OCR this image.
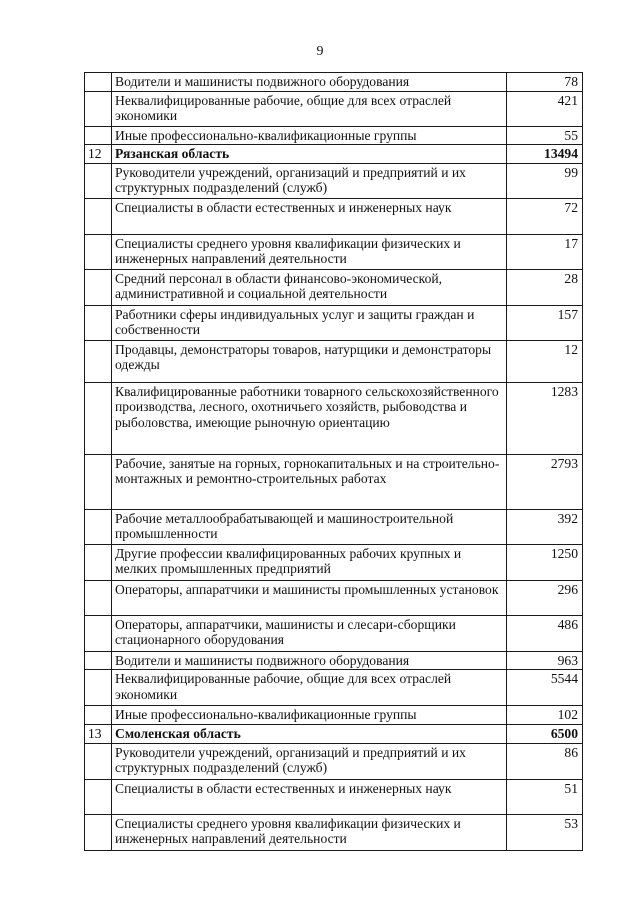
9
	Водители и машинисты подвижного оборудования	78
	Неквалифицированные рабочие, общие для всех отраслей экономики	421
	Иные профессионально-квалификационные группы	55
12	Рязанская область	13494
	Руководители учреждений, организаций и предприятий и их структурных подразделений (служб)	99
	Специалисты в области естественных и инженерных наук	72
	Специалисты среднего уровня квалификации физических и инженерных направлений деятельности	17
	Средний персонал в области финансово-экономической, административной и социальной деятельности	28
	Работники сферы индивидуальных услуг и защиты граждан и собственности	157
	Продавцы, демонстраторы товаров, натурщики и демонстраторы одежды	12
	Квалифицированные работники товарного сельскохозяйственного производства, лесного, охотничьего хозяйств, рыбоводства и рыболовства, имеющие рыночную ориентацию	1283
	Рабочие, занятые на горных, горнокапитальных и на строительно-монтажных и ремонтно-строительных работах	2793
	Рабочие металлообрабатывающей и машиностроительной промышленности	392
	Другие профессии квалифицированных рабочих крупных и мелких промышленных предприятий	1250
	Операторы, аппаратчики и машинисты промышленных установок	296
	Операторы, аппаратчики, машинисты и слесари-сборщики стационарного оборудования	486
	Водители и машинисты подвижного оборудования	963
	Неквалифицированные рабочие, общие для всех отраслей экономики	5544
	Иные профессионально-квалификационные группы	102
13	Смоленская область	6500
	Руководители учреждений, организаций и предприятий и их структурных подразделений (служб)	86
	Специалисты в области естественных и инженерных наук	51
	Специалисты среднего уровня квалификации физических и инженерных направлений деятельности	53
